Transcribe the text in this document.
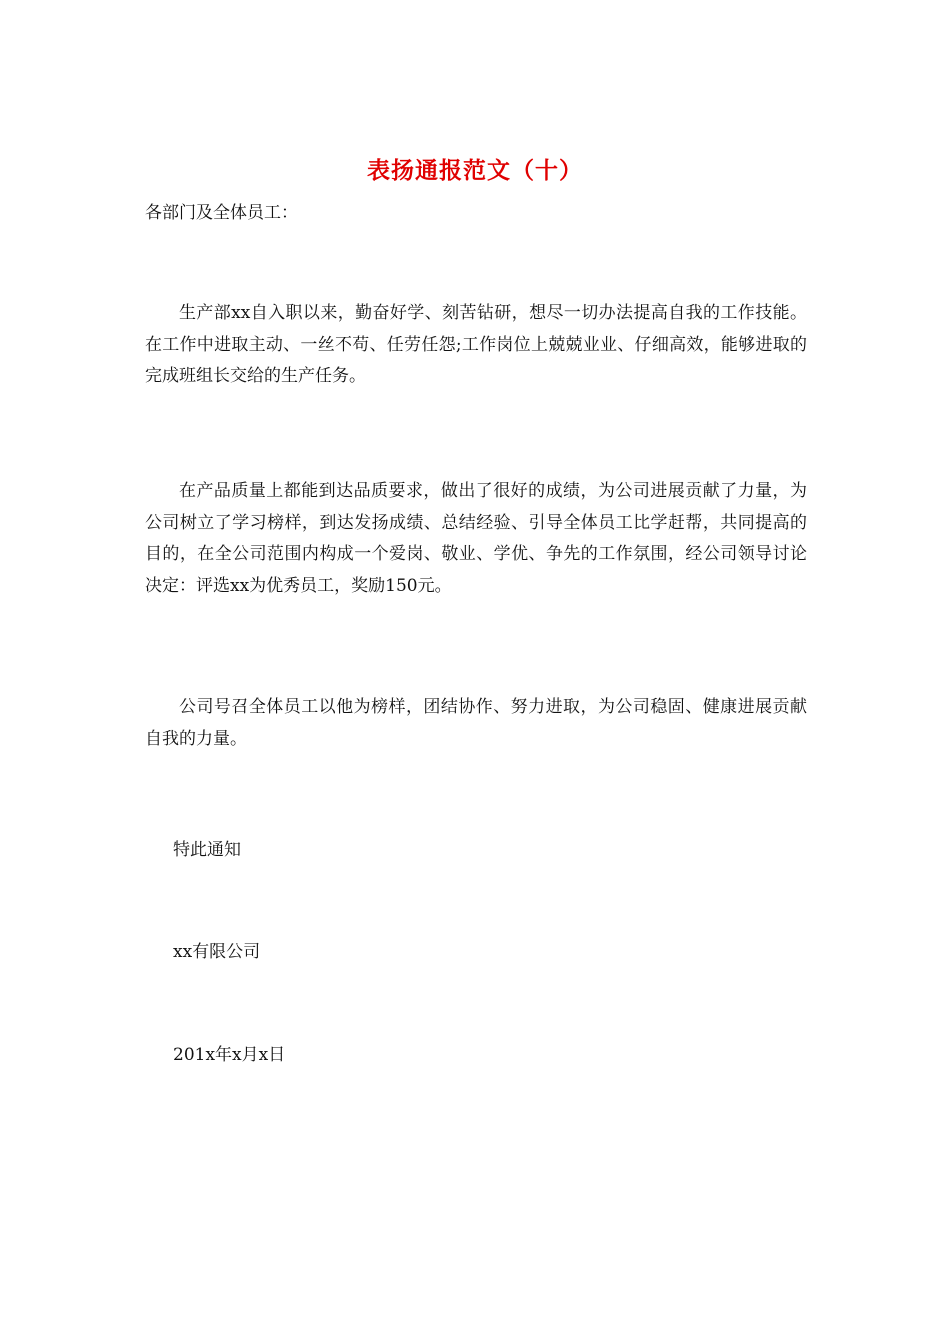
表扬通报范文（十）
各部门及全体员工：

生产部xx自入职以来，勤奋好学、刻苦钻研，想尽一切办法提高自我的工作技能。在工作中进取主动、一丝不苟、任劳任怨;工作岗位上兢兢业业、仔细高效，能够进取的完成班组长交给的生产任务。

在产品质量上都能到达品质要求，做出了很好的成绩，为公司进展贡献了力量，为公司树立了学习榜样，到达发扬成绩、总结经验、引导全体员工比学赶帮，共同提高的目的，在全公司范围内构成一个爱岗、敬业、学优、争先的工作氛围，经公司领导讨论决定：评选xx为优秀员工，奖励150元。

公司号召全体员工以他为榜样，团结协作、努力进取，为公司稳固、健康进展贡献自我的力量。

特此通知
xx有限公司
201x年x月x日
